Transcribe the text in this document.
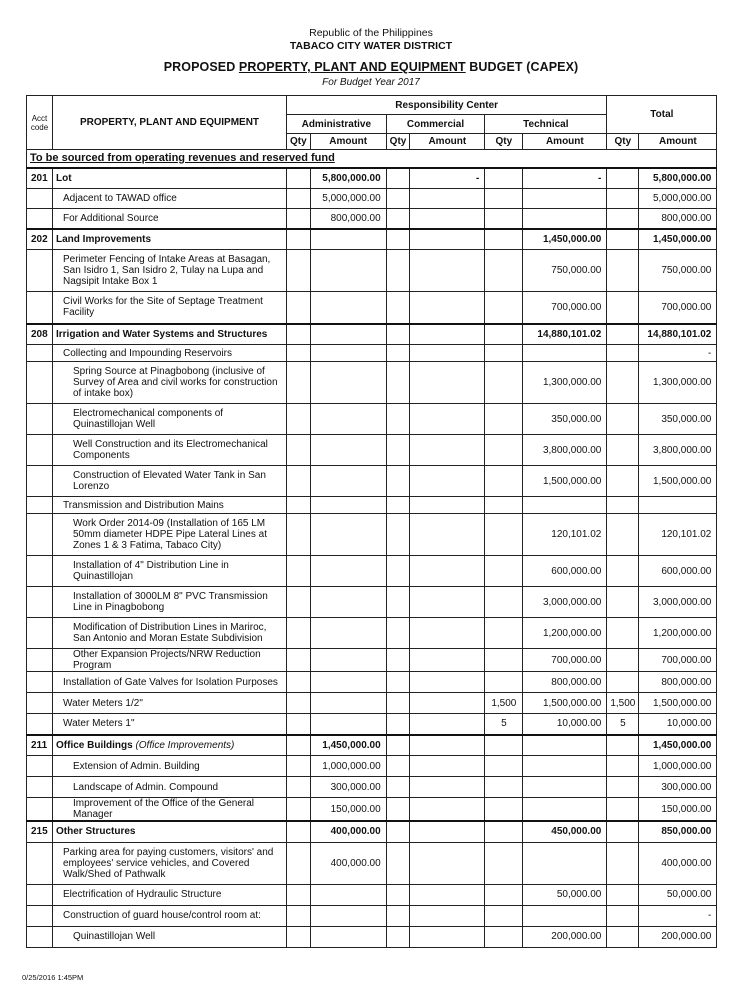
Republic of the Philippines
TABACO CITY WATER DISTRICT
PROPOSED PROPERTY, PLANT AND EQUIPMENT BUDGET (CAPEX)
For Budget Year 2017
Acct code	PROPERTY, PLANT AND EQUIPMENT	Responsibility Center						Total	
		Administrative		Commercial		Technical			
		Qty	Amount	Qty	Amount	Qty	Amount	Qty	Amount
To be sourced from operating revenues and reserved fund									
201	Lot		5,800,000.00		-		-		5,800,000.00
	Adjacent to TAWAD office		5,000,000.00						5,000,000.00
	For Additional Source		800,000.00						800,000.00
202	Land Improvements						1,450,000.00		1,450,000.00
	Perimeter Fencing of Intake Areas at Basagan, San Isidro 1, San Isidro 2, Tulay na Lupa and Nagsipit Intake Box 1						750,000.00		750,000.00
	Civil Works for the Site of Septage Treatment Facility						700,000.00		700,000.00
208	Irrigation and Water Systems and Structures						14,880,101.02		14,880,101.02
	Collecting and Impounding Reservoirs								-
	Spring Source at Pinagbobong (inclusive of Survey of Area and civil works for construction of intake box)						1,300,000.00		1,300,000.00
	Electromechanical components of Quinastillojan Well						350,000.00		350,000.00
	Well Construction and its Electromechanical Components						3,800,000.00		3,800,000.00
	Construction of Elevated Water Tank in San Lorenzo						1,500,000.00		1,500,000.00
	Transmission and Distribution Mains								
	Work Order 2014-09 (Installation of 165 LM 50mm diameter HDPE Pipe Lateral Lines at Zones 1 & 3 Fatima, Tabaco City)						120,101.02		120,101.02
	Installation of 4" Distribution Line in Quinastillojan						600,000.00		600,000.00
	Installation of 3000LM 8" PVC Transmission Line in Pinagbobong						3,000,000.00		3,000,000.00
	Modification of Distribution Lines in Mariroc, San Antonio and Moran Estate Subdivision						1,200,000.00		1,200,000.00
	Other Expansion Projects/NRW Reduction Program						700,000.00		700,000.00
	Installation of Gate Valves for Isolation Purposes						800,000.00		800,000.00
	Water Meters 1/2"					1,500	1,500,000.00	1,500	1,500,000.00
	Water Meters 1"					5	10,000.00	5	10,000.00
211	Office Buildings (Office Improvements)		1,450,000.00						1,450,000.00
	Extension of Admin. Building		1,000,000.00						1,000,000.00
	Landscape of Admin. Compound		300,000.00						300,000.00
	Improvement of the Office of the General Manager		150,000.00						150,000.00
215	Other Structures		400,000.00				450,000.00		850,000.00
	Parking area for paying customers, visitors' and employees' service vehicles, and Covered Walk/Shed of Pathwalk		400,000.00						400,000.00
	Electrification of Hydraulic Structure						50,000.00		50,000.00
	Construction of guard house/control room at:								-
	Quinastillojan Well						200,000.00		200,000.00
0/25/2016 1:45PM
